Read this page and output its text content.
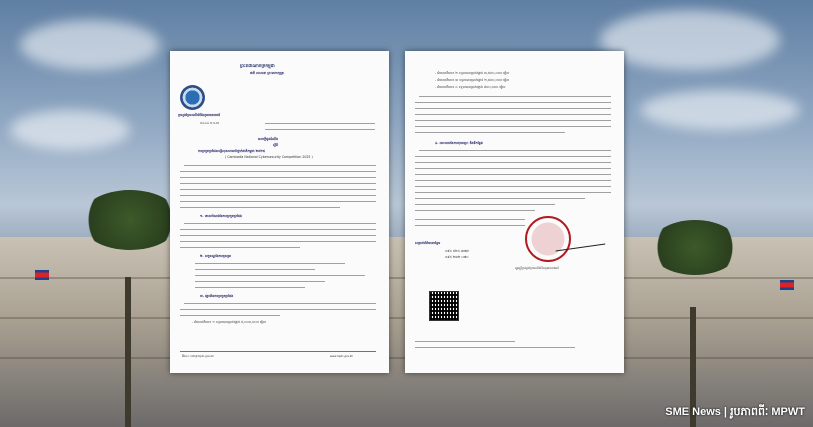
ព្រះរាជាណាចក្រកម្ពុជា
ជាតិ សាសនា ព្រះមហាក្សត្រ
ក្រសួងប្រៃសណីយ៍និងទូរគមនាគមន៍
០៤៤៤ ប.ទ.ស
សេចក្តីជូនដំណឹង
ស្តីពី
ការប្រកួតប្រជែងសន្តិសុខសាយប័រថ្នាក់ជាតិកម្ពុជា ២០២៥
( Cambodia National Cybersecurity Competition 2025 )
១. គោលបំណងនៃការប្រកួតប្រជែង
២. លក្ខខណ្ឌនៃការចូលរួម
៣. រង្វាន់នៃការប្រកួតប្រជែង
- ជ័យលាភីលេខ ១ ទទួលបានប្រាក់រង្វាន់ ៥,០០០,០០០ រៀល
អ៊ីមែល: info@mptc.gov.kh	www.mptc.gov.kh
- ជ័យលាភីលេខ ២ ទទួលបានប្រាក់រង្វាន់ ៣,៥០០,០០០ រៀល
- ជ័យលាភីលេខ ៣ ទទួលបានប្រាក់រង្វាន់ ២,៥០០,០០០ រៀល
- ជ័យលាភីលេខ ៤ ទទួលបានប្រាក់រង្វាន់ ៨០០,០០០ រៀល
៤. រយៈពេលនៃការចុះឈ្មោះ និងទីកន្លែង
រដ្ឋមន្ត្រីក្រសួងប្រៃសណីយ៍និងទូរគមនាគមន៍
សម្រាប់ព័ត៌មានបន្ថែម
០៩៦ ៥២៥ ៣៧៧
០៩៥ ២៣២ ០៧០
SME News | រូបភាពពីៈ MPWT
